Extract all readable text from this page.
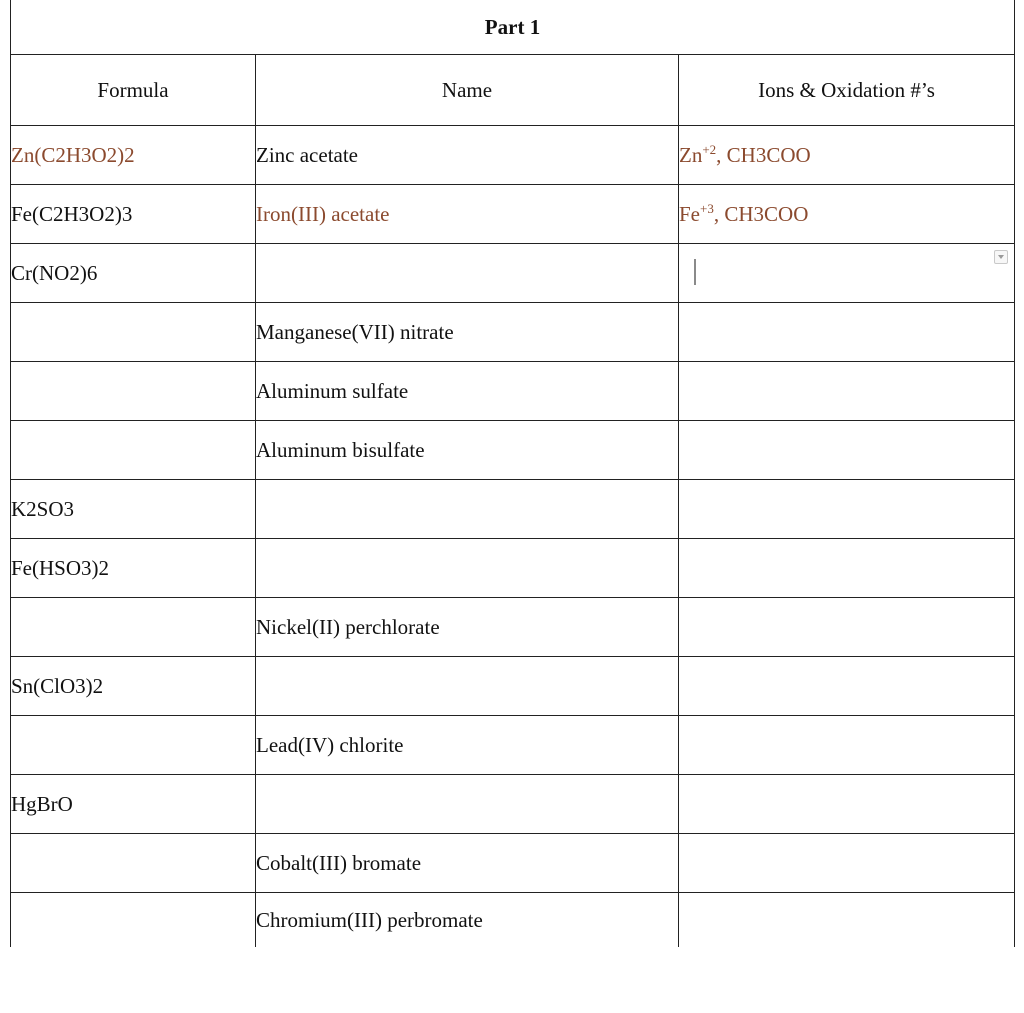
Part 1		
Formula	Name	Ions & Oxidation #’s
Zn(C2H3O2)2	Zinc acetate	$Zn^{+2}$, CH3COO
Fe(C2H3O2)3	Iron(III) acetate	$Fe^{+3}$, CH3COO
Cr(NO2)6		

	Manganese(VII) nitrate	
	Aluminum sulfate	
	Aluminum bisulfate	
K2SO3		
Fe(HSO3)2		
	Nickel(II) perchlorate	
Sn(ClO3)2		
	Lead(IV) chlorite	
HgBrO		
	Cobalt(III) bromate	
	Chromium(III) perbromate	
